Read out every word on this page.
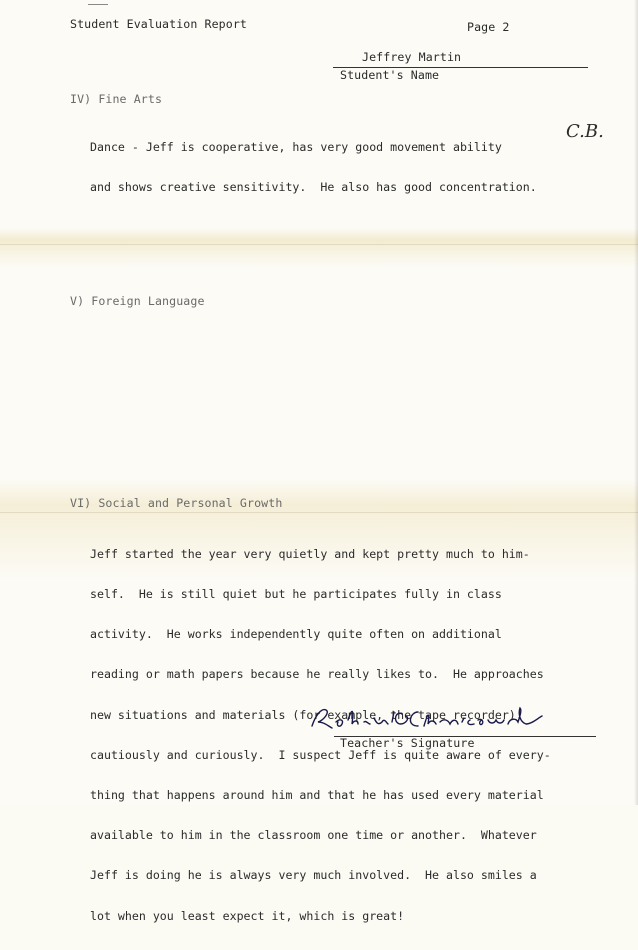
Student Evaluation Report	Page 2
Jeffrey Martin
Student's Name
IV) Fine Arts

Dance - Jeff is cooperative, has very good movement ability

and shows creative sensitivity.  He also has good concentration.

C.B.
V) Foreign Language
VI) Social and Personal Growth

Jeff started the year very quietly and kept pretty much to him-

self.  He is still quiet but he participates fully in class

activity.  He works independently quite often on additional

reading or math papers because he really likes to.  He approaches

new situations and materials (for example, the tape recorder),

cautiously and curiously.  I suspect Jeff is quite aware of every-

thing that happens around him and that he has used every material

available to him in the classroom one time or another.  Whatever

Jeff is doing he is always very much involved.  He also smiles a

lot when you least expect it, which is great!

Teacher's Signature
